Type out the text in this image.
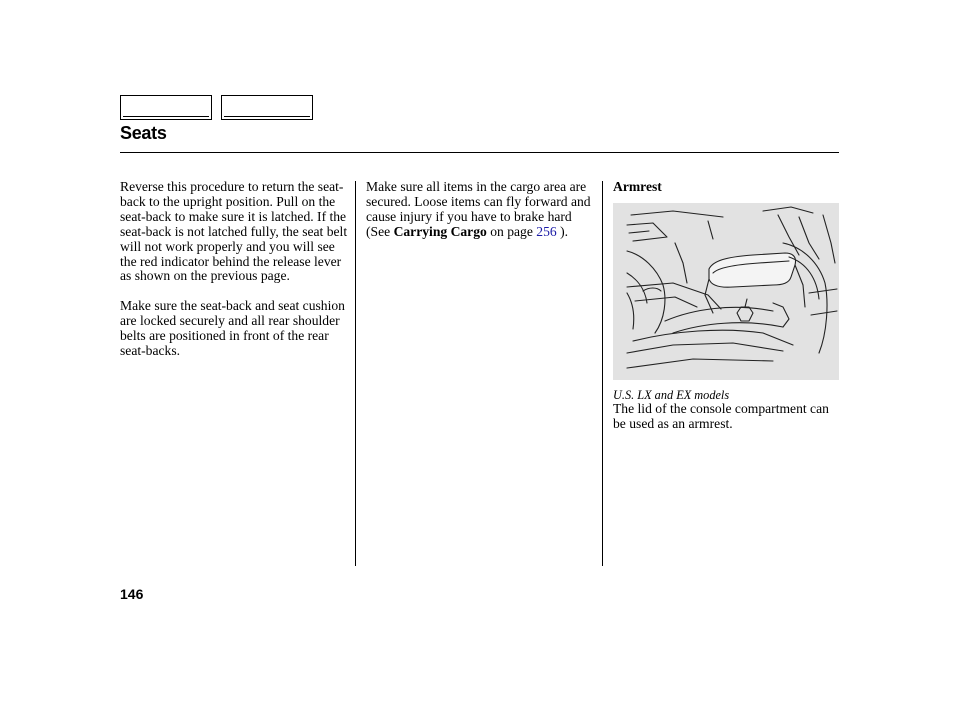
Seats

Reverse this procedure to return the seat-back to the upright position. Pull on the seat-back to make sure it is latched. If the seat-back is not latched fully, the seat belt will not work properly and you will see the red indicator behind the release lever as shown on the previous page.

Make sure the seat-back and seat cushion are locked securely and all rear shoulder belts are positioned in front of the rear seat-backs.

Make sure all items in the cargo area are secured. Loose items can fly forward and cause injury if you have to brake hard (See Carrying Cargo on page 256 ).

Armrest

U.S. LX and EX models
The lid of the console compartment can be used as an armrest.
146
